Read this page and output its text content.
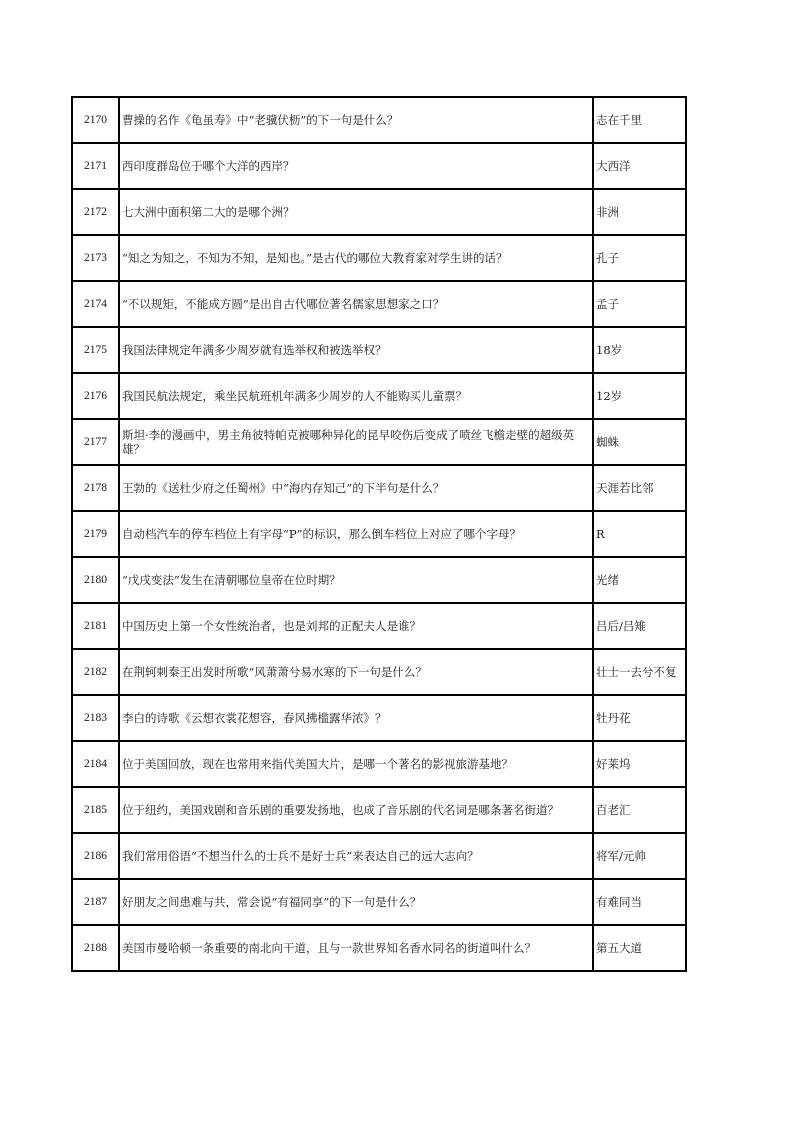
2170	曹操的名作《龟虽寿》中“老骥伏枥”的下一句是什么？	志在千里
2171	西印度群岛位于哪个大洋的西岸？	大西洋
2172	七大洲中面积第二大的是哪个洲？	非洲
2173	“知之为知之，不知为不知，是知也。”是古代的哪位大教育家对学生讲的话？	孔子
2174	“不以规矩，不能成方圆”是出自古代哪位著名儒家思想家之口？	孟子
2175	我国法律规定年满多少周岁就有选举权和被选举权？	18岁
2176	我国民航法规定，乘坐民航班机年满多少周岁的人不能购买儿童票？	12岁
2177	斯坦·李的漫画中，男主角彼特帕克被哪种异化的昆早咬伤后变成了喷丝飞檐走壁的超级英雄？	蜘蛛
2178	王勃的《送杜少府之任蜀州》中“海内存知己”的下半句是什么？	天涯若比邻
2179	自动档汽车的停车档位上有字母“P”的标识，那么倒车档位上对应了哪个字母？	R
2180	“戊戌变法”发生在清朝哪位皇帝在位时期？	光绪
2181	中国历史上第一个女性统治者，也是刘邦的正配夫人是谁？	吕后/吕雉
2182	在荆轲刺秦王出发时所歌“风萧萧兮易水寒的下一句是什么？	壮士一去兮不复
2183	李白的诗歌《云想衣裳花想容，春风拂槛露华浓》？	牡丹花
2184	位于美国回放，现在也常用来指代美国大片，是哪一个著名的影视旅游基地？	好莱坞
2185	位于纽约，美国戏剧和音乐剧的重要发扬地，也成了音乐剧的代名词是哪条著名街道？	百老汇
2186	我们常用俗语“不想当什么的士兵不是好士兵”来表达自己的远大志向？	将军/元帅
2187	好朋友之间患难与共，常会说“有福同享”的下一句是什么？	有难同当
2188	美国市曼哈顿一条重要的南北向干道，且与一款世界知名香水同名的街道叫什么？	第五大道
